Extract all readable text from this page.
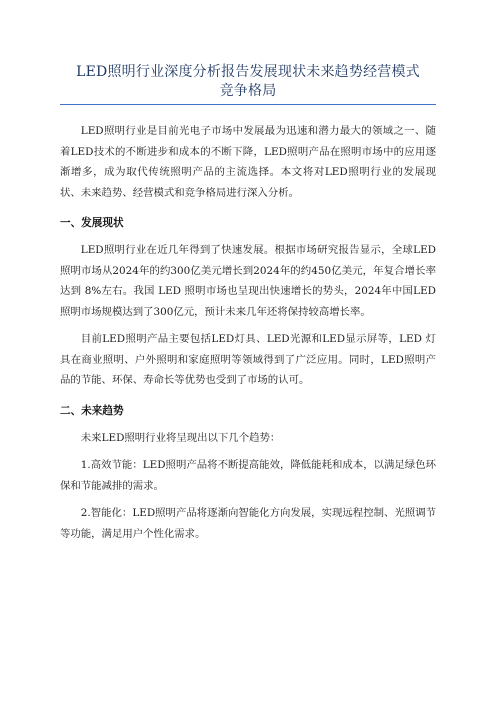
LED照明行业深度分析报告发展现状未来趋势经营模式
竞争格局

LED照明行业是目前光电子市场中发展最为迅速和潜力最大的领域之一、随着LED技术的不断进步和成本的不断下降，LED照明产品在照明市场中的应用逐渐增多，成为取代传统照明产品的主流选择。本文将对LED照明行业的发展现状、未来趋势、经营模式和竞争格局进行深入分析。

一、发展现状

LED照明行业在近几年得到了快速发展。根据市场研究报告显示，全球LED照明市场从2024年的约300亿美元增长到2024年的约450亿美元，年复合增长率达到 8%左右。我国 LED 照明市场也呈现出快速增长的势头，2024年中国LED照明市场规模达到了300亿元，预计未来几年还将保持较高增长率。

目前LED照明产品主要包括LED灯具、LED光源和LED显示屏等，LED 灯具在商业照明、户外照明和家庭照明等领域得到了广泛应用。同时，LED照明产品的节能、环保、寿命长等优势也受到了市场的认可。

二、未来趋势

未来LED照明行业将呈现出以下几个趋势：

1.高效节能：LED照明产品将不断提高能效，降低能耗和成本，以满足绿色环保和节能减排的需求。

2.智能化：LED照明产品将逐渐向智能化方向发展，实现远程控制、光照调节等功能，满足用户个性化需求。
